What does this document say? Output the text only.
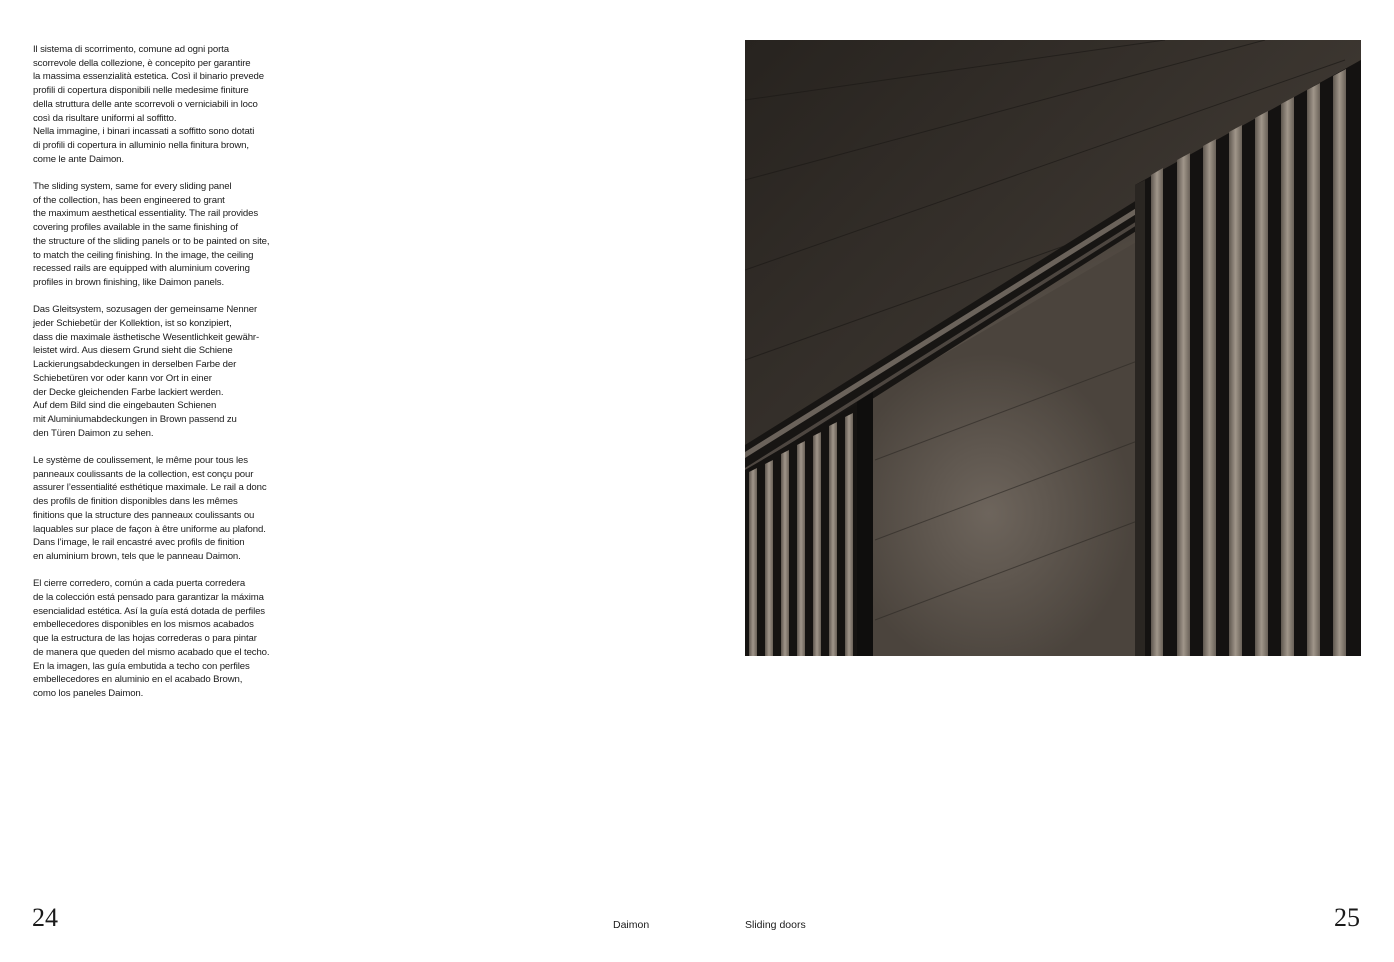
Il sistema di scorrimento, comune ad ogni porta
scorrevole della collezione, è concepito per garantire
la massima essenzialità estetica. Così il binario prevede
profili di copertura disponibili nelle medesime finiture
della struttura delle ante scorrevoli o verniciabili in loco
così da risultare uniformi al soffitto.
Nella immagine, i binari incassati a soffitto sono dotati
di profili di copertura in alluminio nella finitura brown,
come le ante Daimon.

The sliding system, same for every sliding panel
of the collection, has been engineered to grant
the maximum aesthetical essentiality. The rail provides
covering profiles available in the same finishing of
the structure of the sliding panels or to be painted on site,
to match the ceiling finishing. In the image, the ceiling
recessed rails are equipped with aluminium covering
profiles in brown finishing, like Daimon panels.

Das Gleitsystem, sozusagen der gemeinsame Nenner
jeder Schiebetür der Kollektion, ist so konzipiert,
dass die maximale ästhetische Wesentlichkeit gewähr-
leistet wird. Aus diesem Grund sieht die Schiene
Lackierungsabdeckungen in derselben Farbe der
Schiebetüren vor oder kann vor Ort in einer
der Decke gleichenden Farbe lackiert werden.
Auf dem Bild sind die eingebauten Schienen
mit Aluminiumabdeckungen in Brown passend zu
den Türen Daimon zu sehen.

Le système de coulissement, le même pour tous les
panneaux coulissants de la collection, est conçu pour
assurer l’essentialité esthétique maximale. Le rail a donc
des profils de finition disponibles dans les mêmes
finitions que la structure des panneaux coulissants ou
laquables sur place de façon à être uniforme au plafond.
Dans l’image, le rail encastré avec profils de finition
en aluminium brown, tels que le panneau Daimon.

El cierre corredero, común a cada puerta corredera
de la colección está pensado para garantizar la máxima
esencialidad estética. Así la guía está dotada de perfiles
embellecedores disponibles en los mismos acabados
que la estructura de las hojas correderas o para pintar
de manera que queden del mismo acabado que el techo.
En la imagen, las guía embutida a techo con perfiles
embellecedores en aluminio en el acabado Brown,
como los paneles Daimon.

24	Daimon	Sliding doors	25
